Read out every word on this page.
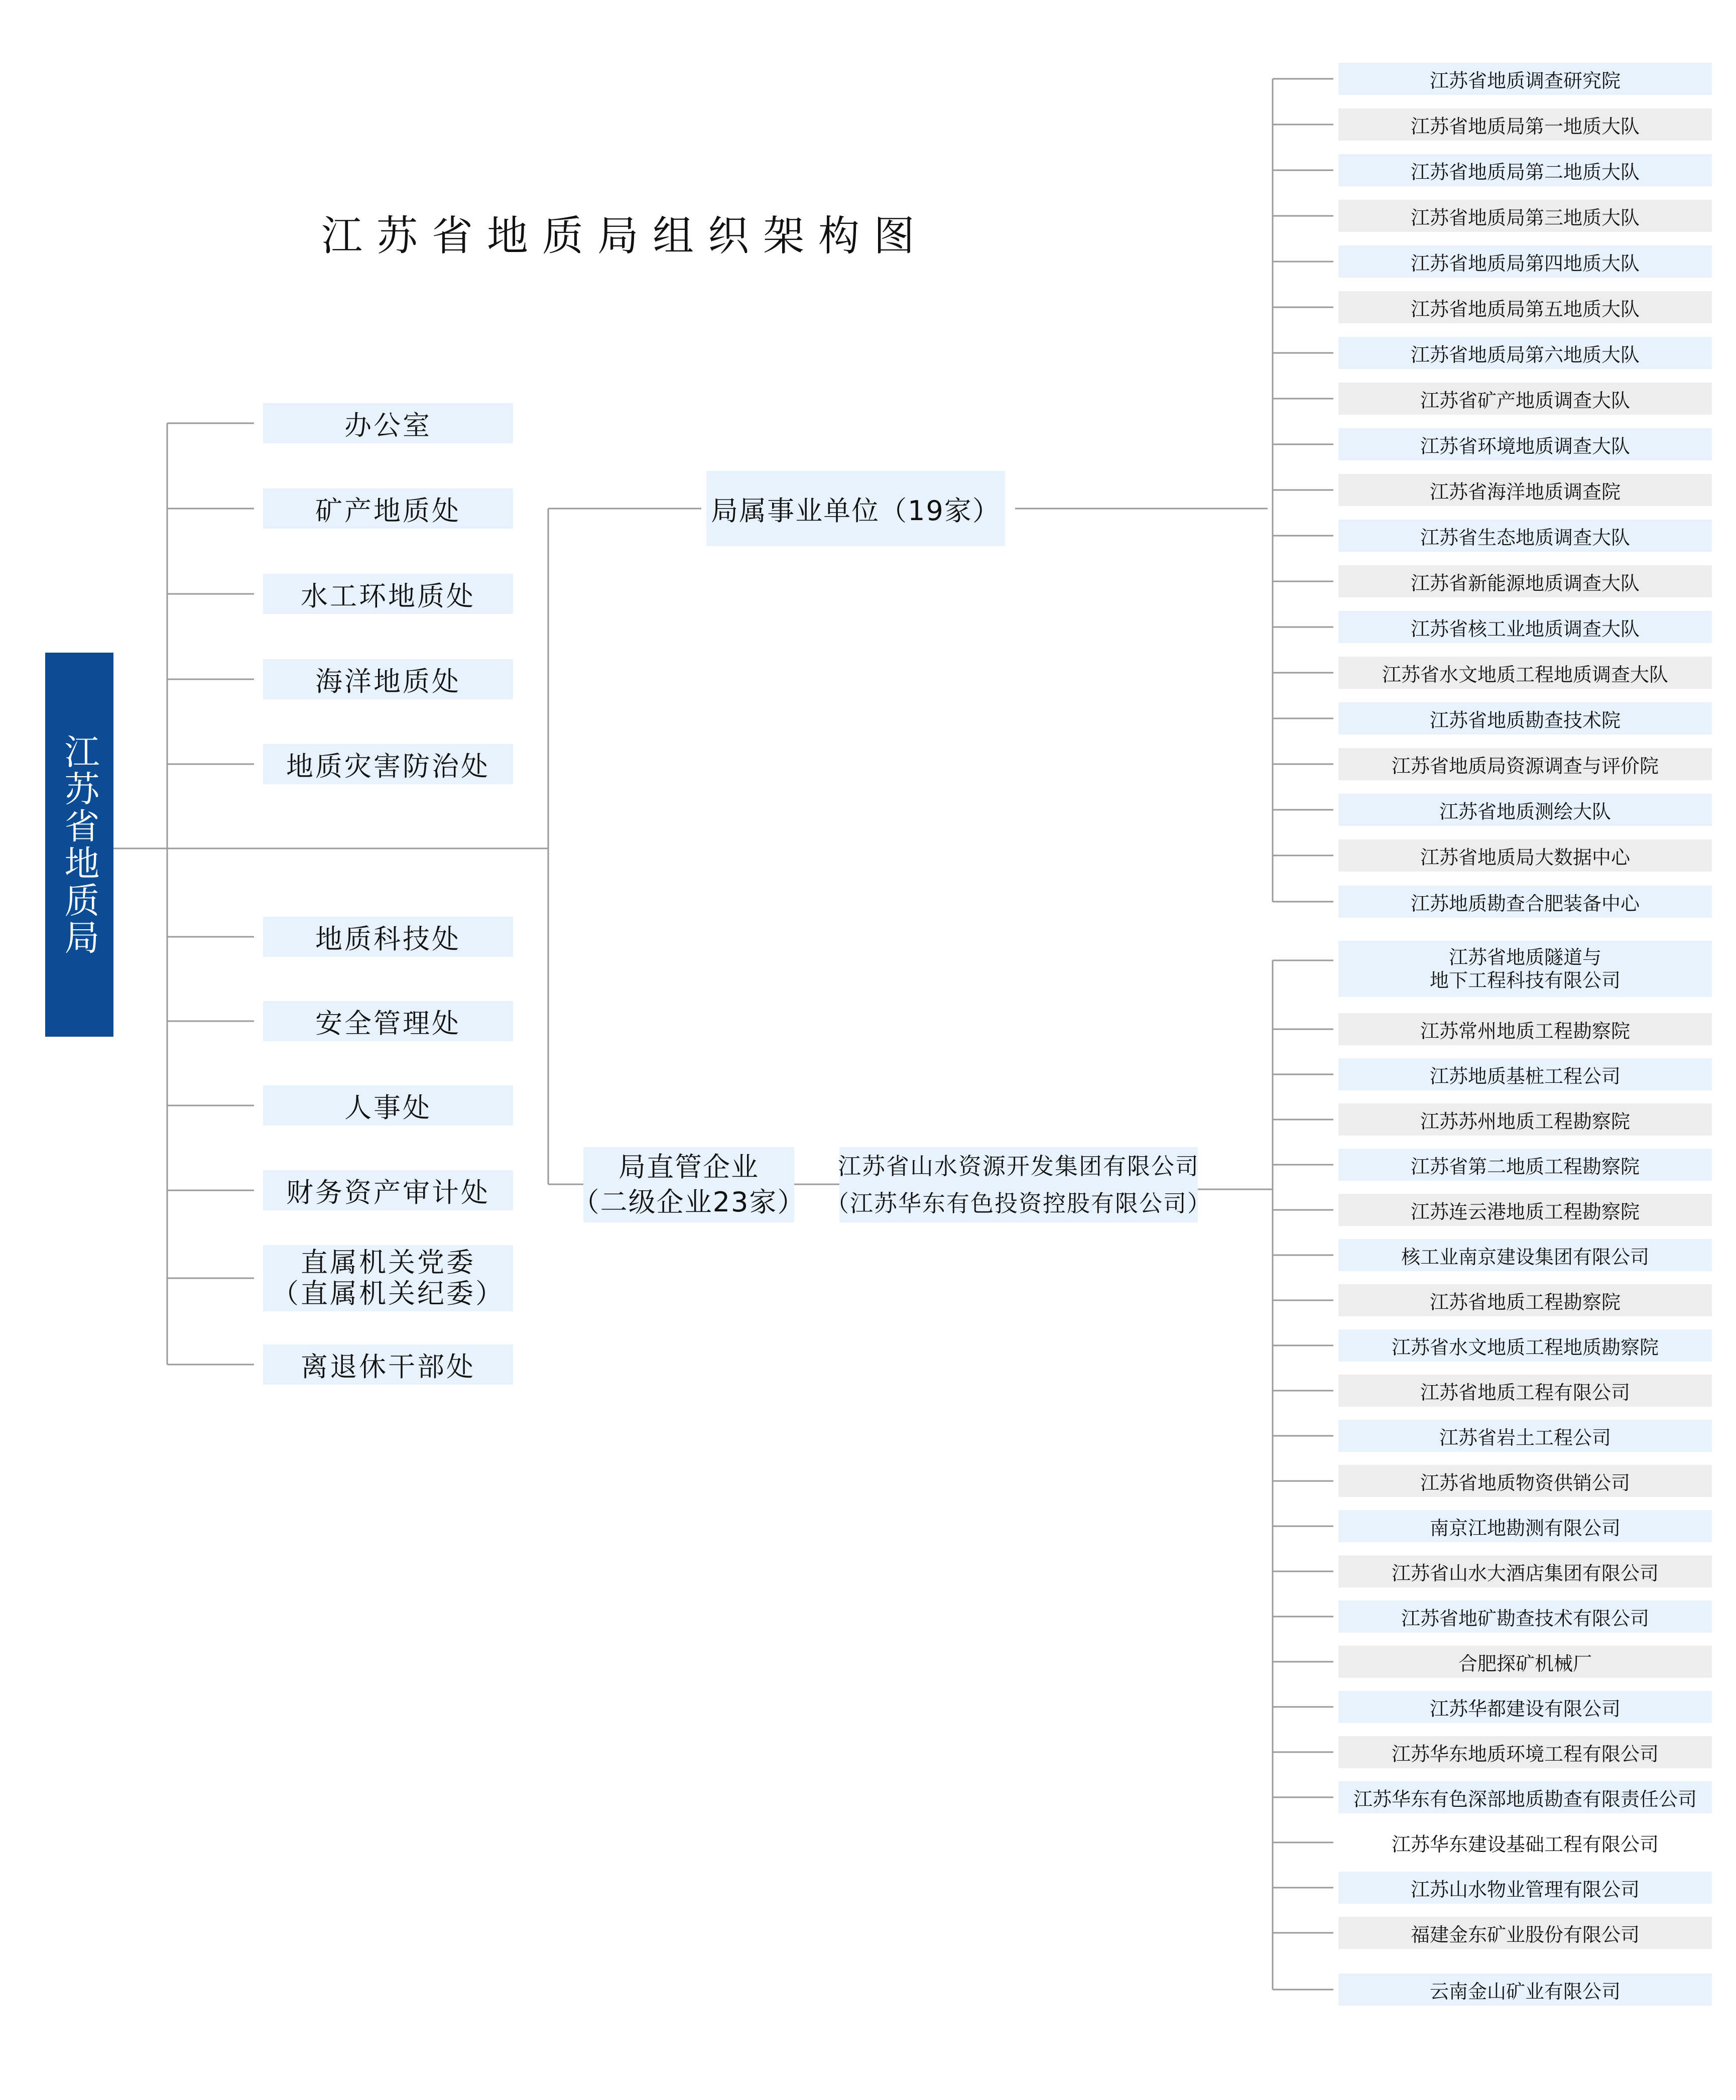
江苏省地质局组织架构图
江苏省地质局
办公室
矿产地质处
水工环地质处
海洋地质处
地质灾害防治处
地质科技处
安全管理处
人事处
财务资产审计处
直属机关党委
（直属机关纪委）
离退休干部处
局属事业单位（19家）
局直管企业
（二级企业23家）
江苏省山水资源开发集团有限公司
（江苏华东有色投资控股有限公司）
江苏省地质调查研究院
江苏省地质局第一地质大队
江苏省地质局第二地质大队
江苏省地质局第三地质大队
江苏省地质局第四地质大队
江苏省地质局第五地质大队
江苏省地质局第六地质大队
江苏省矿产地质调查大队
江苏省环境地质调查大队
江苏省海洋地质调查院
江苏省生态地质调查大队
江苏省新能源地质调查大队
江苏省核工业地质调查大队
江苏省水文地质工程地质调查大队
江苏省地质勘查技术院
江苏省地质局资源调查与评价院
江苏省地质测绘大队
江苏省地质局大数据中心
江苏地质勘查合肥装备中心
江苏省地质隧道与
地下工程科技有限公司
江苏常州地质工程勘察院
江苏地质基桩工程公司
江苏苏州地质工程勘察院
江苏省第二地质工程勘察院
江苏连云港地质工程勘察院
核工业南京建设集团有限公司
江苏省地质工程勘察院
江苏省水文地质工程地质勘察院
江苏省地质工程有限公司
江苏省岩土工程公司
江苏省地质物资供销公司
南京江地勘测有限公司
江苏省山水大酒店集团有限公司
江苏省地矿勘查技术有限公司
合肥探矿机械厂
江苏华都建设有限公司
江苏华东地质环境工程有限公司
江苏华东有色深部地质勘查有限责任公司
江苏华东建设基础工程有限公司
江苏山水物业管理有限公司
福建金东矿业股份有限公司
云南金山矿业有限公司
